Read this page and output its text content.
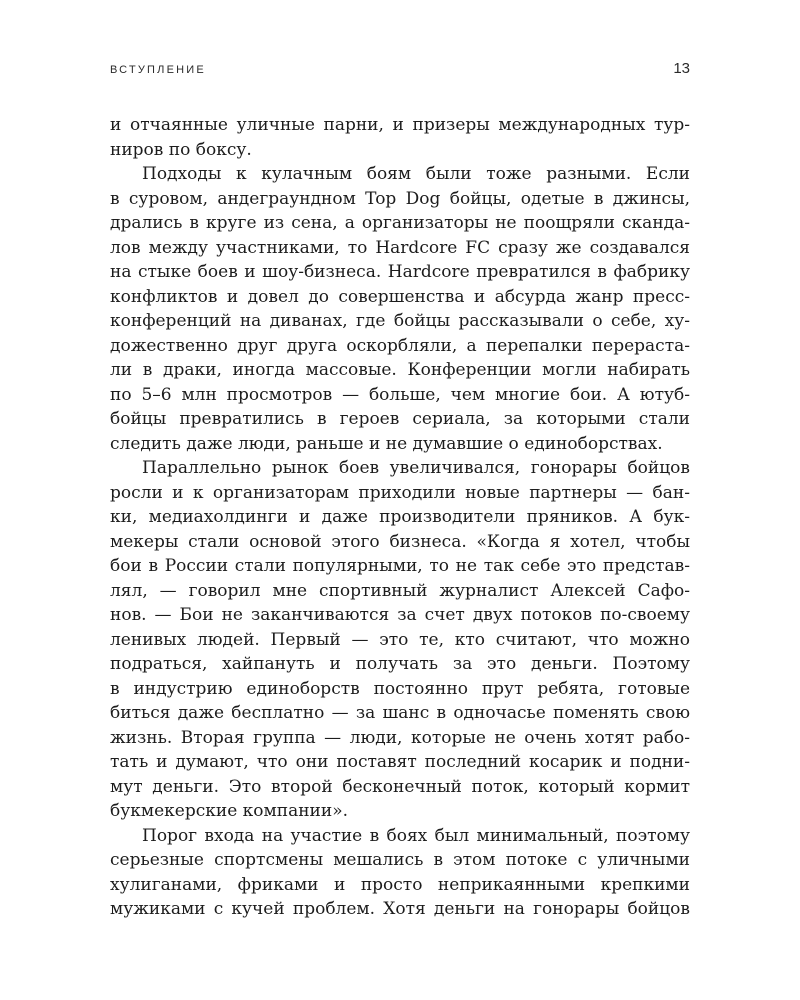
ВСТУПЛЕНИЕ	13
и отчаянные уличные парни, и призеры международных тур-
ниров по боксу.
Подходы к кулачным боям были тоже разными. Если
в суровом, андеграундном Top Dog бойцы, одетые в джинсы,
дрались в круге из сена, а организаторы не поощряли сканда-
лов между участниками, то Hardcore FC сразу же создавался
на стыке боев и шоу-бизнеса. Hardcore превратился в фабрику
конфликтов и довел до совершенства и абсурда жанр пресс-
конференций на диванах, где бойцы рассказывали о себе, ху-
дожественно друг друга оскорбляли, а перепалки перераста-
ли в драки, иногда массовые. Конференции могли набирать
по 5–6 млн просмотров — больше, чем многие бои. А ютуб-
бойцы превратились в героев сериала, за которыми стали
следить даже люди, раньше и не думавшие о единоборствах.
Параллельно рынок боев увеличивался, гонорары бойцов
росли и к организаторам приходили новые партнеры — бан-
ки, медиахолдинги и даже производители пряников. А бук-
мекеры стали основой этого бизнеса. «Когда я хотел, чтобы
бои в России стали популярными, то не так себе это представ-
лял, — говорил мне спортивный журналист Алексей Сафо-
нов. — Бои не заканчиваются за счет двух потоков по-своему
ленивых людей. Первый — это те, кто считают, что можно
подраться, хайпануть и получать за это деньги. Поэтому
в индустрию единоборств постоянно прут ребята, готовые
биться даже бесплатно — за шанс в одночасье поменять свою
жизнь. Вторая группа — люди, которые не очень хотят рабо-
тать и думают, что они поставят последний косарик и подни-
мут деньги. Это второй бесконечный поток, который кормит
букмекерские компании».
Порог входа на участие в боях был минимальный, поэтому
серьезные спортсмены мешались в этом потоке с уличными
хулиганами, фриками и просто неприкаянными крепкими
мужиками с кучей проблем. Хотя деньги на гонорары бойцов
